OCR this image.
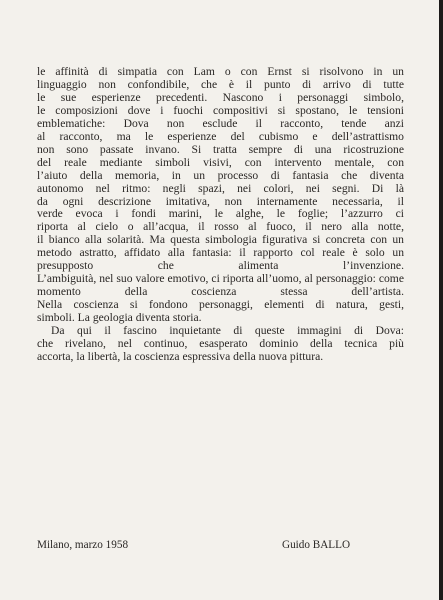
le affinità di simpatia con Lam o con Ernst si risolvono in un
linguaggio non confondibile, che è il punto di arrivo di tutte
le sue esperienze precedenti. Nascono i personaggi simbolo,
le composizioni dove i fuochi compositivi si spostano, le tensioni emblematiche: Dova non esclude il racconto, tende anzi
al racconto, ma le esperienze del cubismo e dell’astrattismo
non sono passate invano. Si tratta sempre di una ricostruzione
del reale mediante simboli visivi, con intervento mentale, con
l’aiuto della memoria, in un processo di fantasia che diventa
autonomo nel ritmo: negli spazi, nei colori, nei segni. Di là
da ogni descrizione imitativa, non internamente necessaria, il
verde evoca i fondi marini, le alghe, le foglie; l’azzurro ci
riporta al cielo o all’acqua, il rosso al fuoco, il nero alla notte,
il bianco alla solarità. Ma questa simbologia figurativa si concreta con un metodo astratto, affidato alla fantasia: il rapporto col reale è solo un presupposto che alimenta l’invenzione.
L’ambiguità, nel suo valore emotivo, ci riporta all’uomo, al personaggio: come momento della coscienza stessa dell’artista.
Nella coscienza si fondono personaggi, elementi di natura, gesti,
simboli. La geologia diventa storia.
Da qui il fascino inquietante di queste immagini di Dova:
che rivelano, nel continuo, esasperato dominio della tecnica più
accorta, la libertà, la coscienza espressiva della nuova pittura.
Milano, marzo 1958	Guido BALLO
